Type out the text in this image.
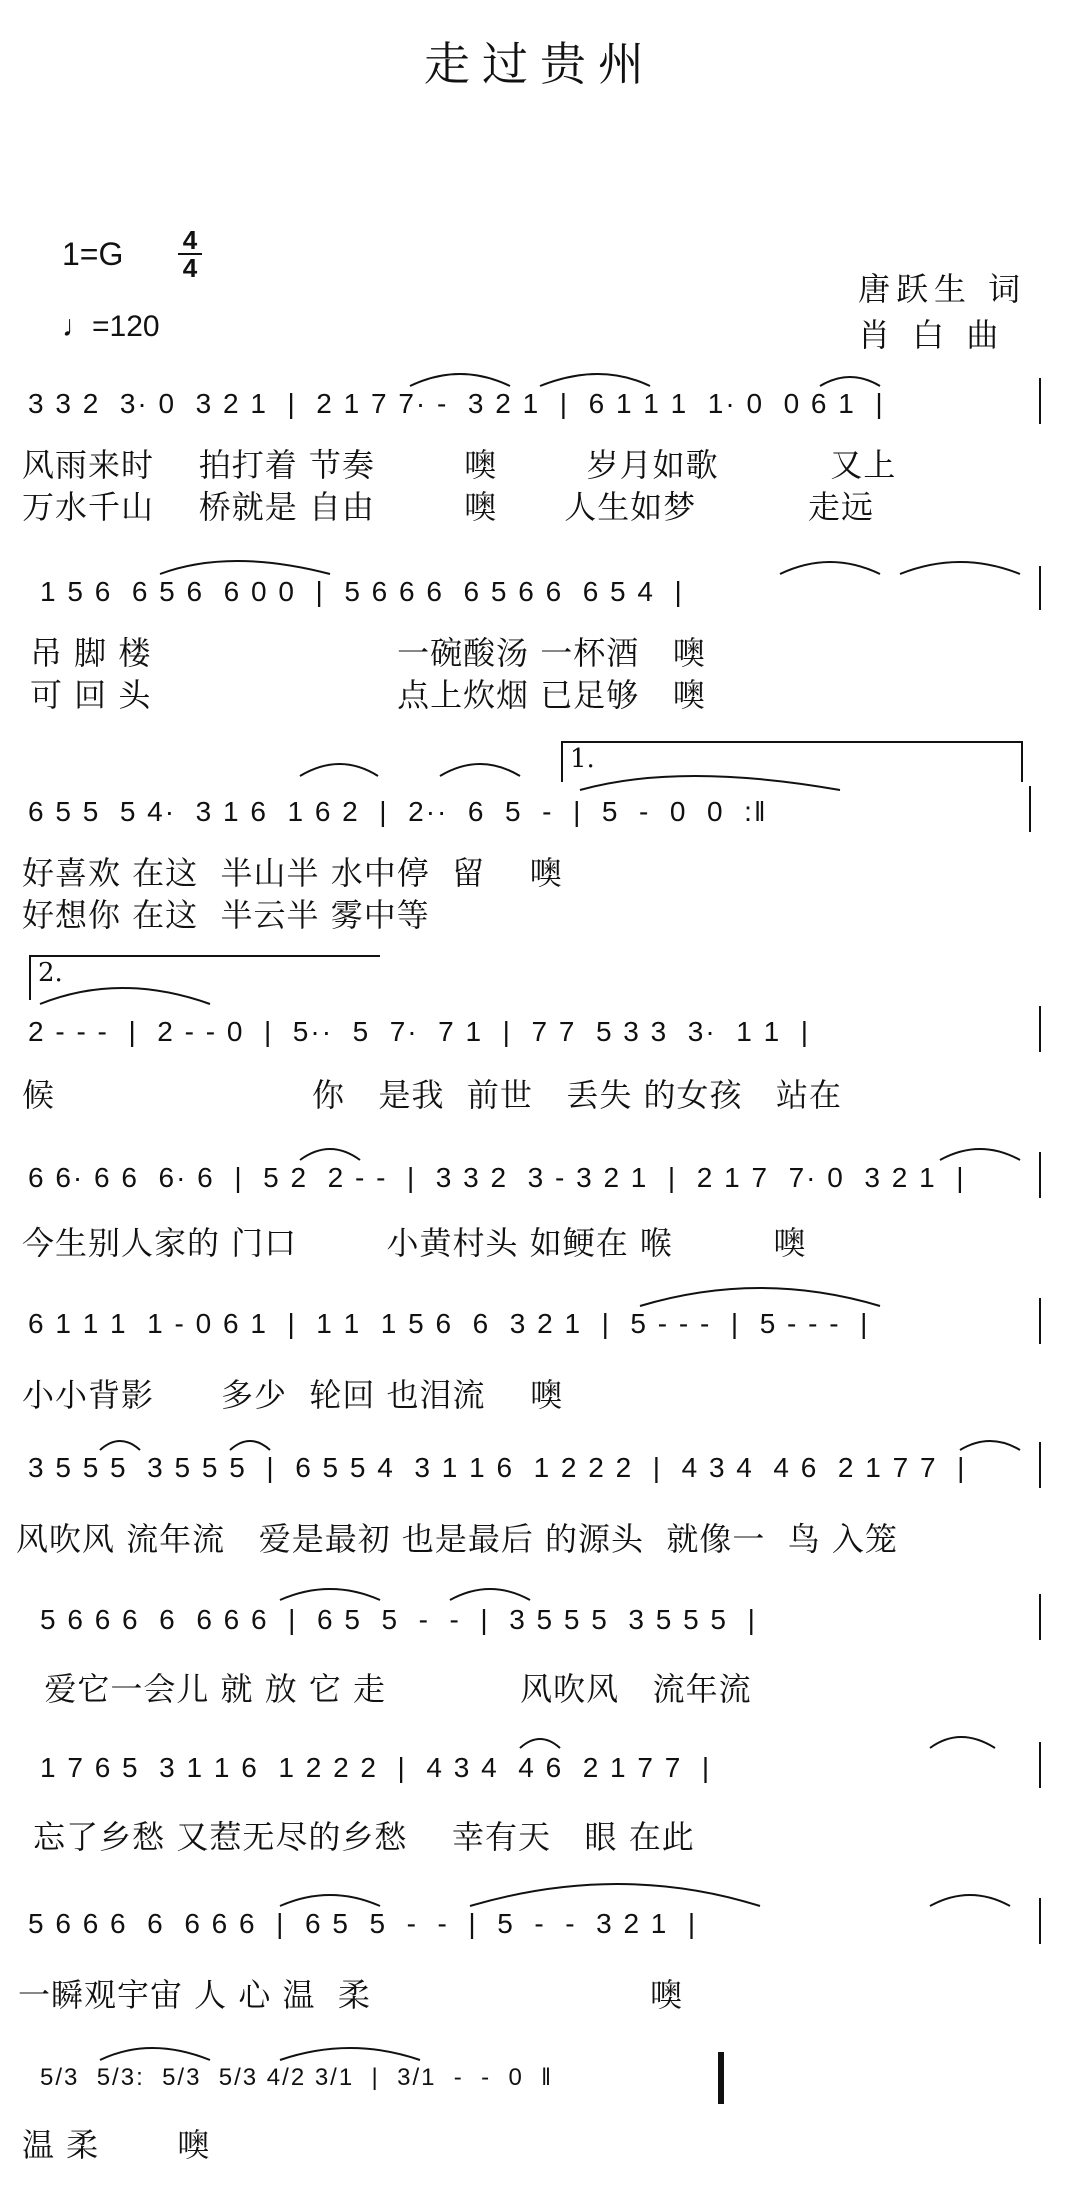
走过贵州
1=G 4
4
♩=120
唐跃生 词
肖 白 曲
3 3 2  3· 0  3 2 1  |  2 1 7 7· -  3 2 1  |  6 1 1 1  1· 0  0 6 1  |
风雨来时    拍打着 节奏        噢        岁月如歌          又上
万水千山    桥就是 自由        噢      人生如梦          走远
1 5 6  6 5 6  6 0 0  |  5 6 6 6  6 5 6 6  6 5 4  |
吊 脚 楼                      一碗酸汤 一杯酒   噢
可 回 头                      点上炊烟 已足够   噢
1.
6 5 5  5 4·  3 1 6  1 6 2  |  2··  6  5  -  |  5  -  0  0  :‖
好喜欢 在这  半山半 水中停  留    噢
好想你 在这  半云半 雾中等
2.
2 - - -  |  2 - - 0  |  5··  5  7·  7 1  |  7 7  5 3 3  3·  1 1  |
候                       你   是我  前世   丢失 的女孩   站在
6 6· 6 6  6· 6  |  5 2  2 - -  |  3 3 2  3 - 3 2 1  |  2 1 7  7· 0  3 2 1  |
今生别人家的 门口        小黄村头 如鲠在 喉         噢
6 1 1 1  1 - 0 6 1  |  1 1  1 5 6  6  3 2 1  |  5 - - -  |  5 - - -  |
小小背影      多少  轮回 也泪流    噢
3 5 5 5  3 5 5 5  |  6 5 5 4  3 1 1 6  1 2 2 2  |  4 3 4  4 6  2 1 7 7  |
风吹风 流年流   爱是最初 也是最后 的源头  就像一  鸟 入笼
5 6 6 6  6  6 6 6  |  6 5  5  -  -  |  3 5 5 5  3 5 5 5  |
爱它一会儿 就 放 它 走            风吹风   流年流
1 7 6 5  3 1 1 6  1 2 2 2  |  4 3 4  4 6  2 1 7 7  |
忘了乡愁 又惹无尽的乡愁    幸有天   眼 在此
5 6 6 6  6  6 6 6  |  6 5  5  -  -  |  5  -  -  3 2 1  |
一瞬观宇宙 人 心 温  柔                         噢
5/3  5/3:  5/3  5/3 4/2 3/1  |  3/1  -  -  0  ‖
温 柔       噢
